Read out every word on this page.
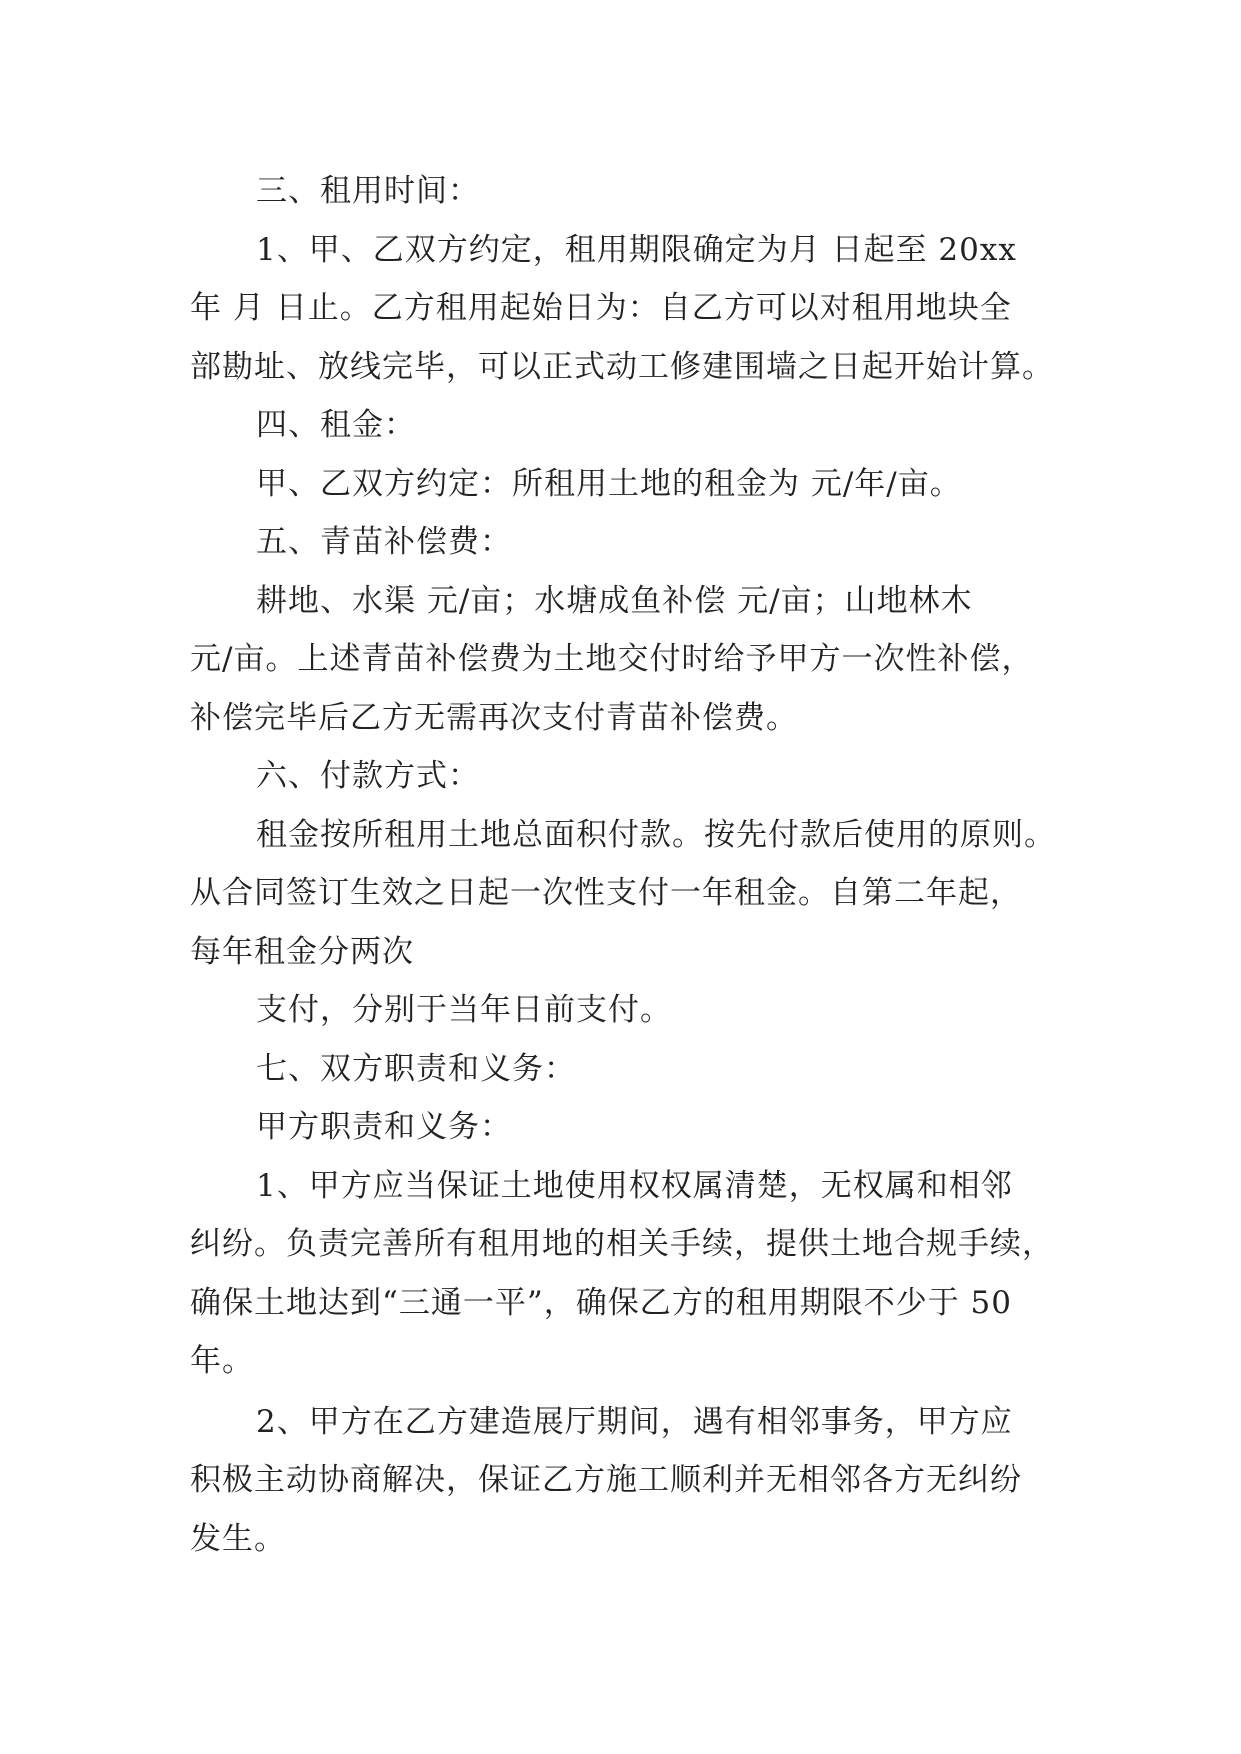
三、租用时间：
1、甲、乙双方约定，租用期限确定为月 日起至 20xx
年 月 日止。乙方租用起始日为：自乙方可以对租用地块全
部勘址、放线完毕，可以正式动工修建围墙之日起开始计算。
四、租金：
甲、乙双方约定：所租用土地的租金为 元/年/亩。
五、青苗补偿费：
耕地、水渠 元/亩；水塘成鱼补偿 元/亩；山地林木
元/亩。上述青苗补偿费为土地交付时给予甲方一次性补偿，
补偿完毕后乙方无需再次支付青苗补偿费。
六、付款方式：
租金按所租用土地总面积付款。按先付款后使用的原则。
从合同签订生效之日起一次性支付一年租金。自第二年起，
每年租金分两次
支付，分别于当年日前支付。
七、双方职责和义务：
甲方职责和义务：
1、甲方应当保证土地使用权权属清楚，无权属和相邻
纠纷。负责完善所有租用地的相关手续，提供土地合规手续，
确保土地达到“三通一平”，确保乙方的租用期限不少于 50
年。
2、甲方在乙方建造展厅期间，遇有相邻事务，甲方应
积极主动协商解决，保证乙方施工顺利并无相邻各方无纠纷
发生。
